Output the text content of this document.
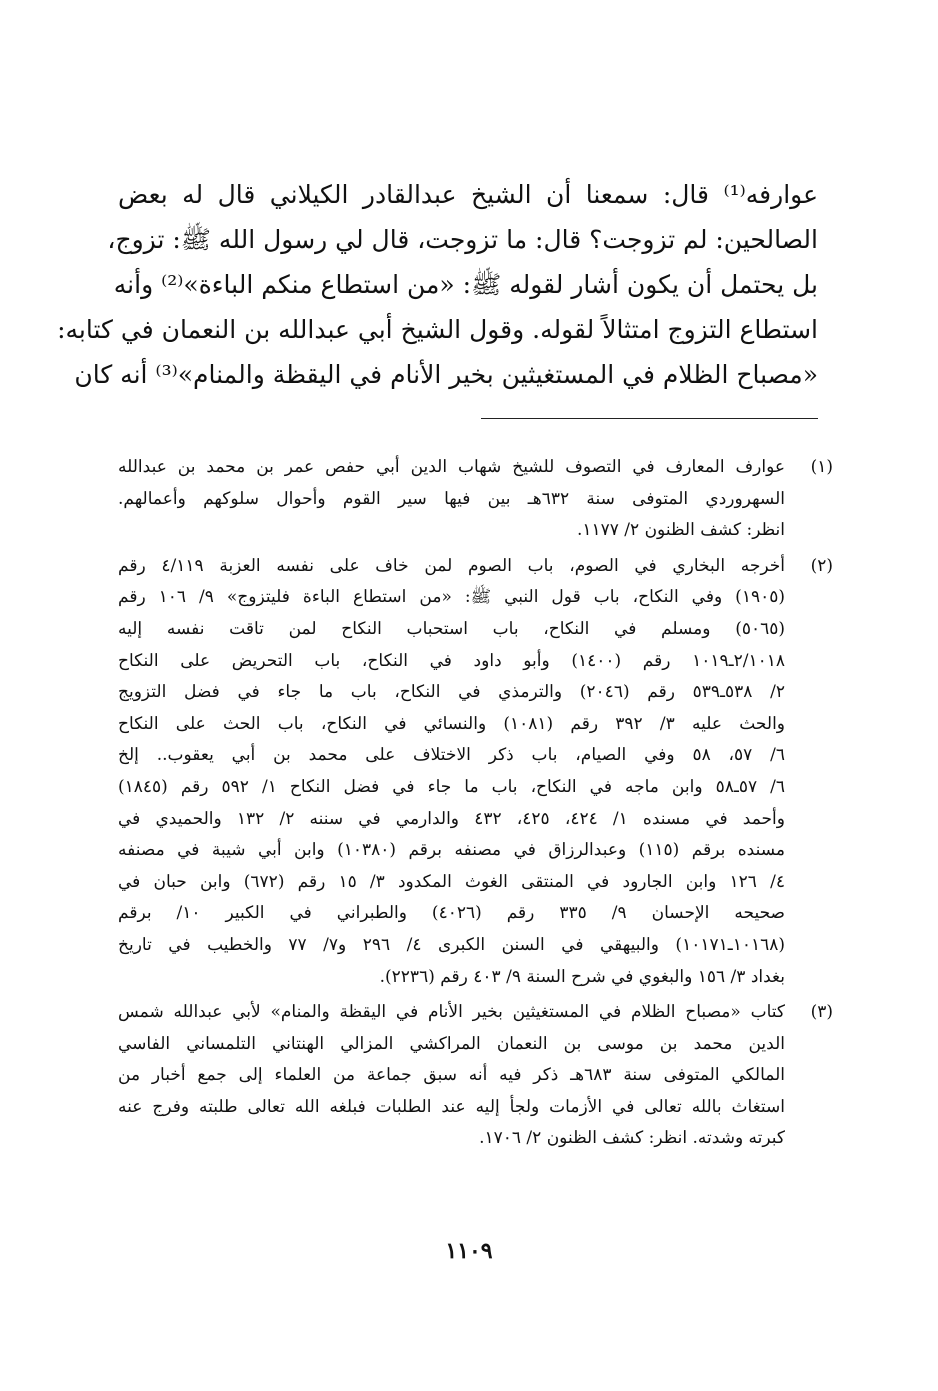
عوارفه⁽¹⁾ قال: سمعنا أن الشيخ عبدالقادر الكيلاني قال له بعض
الصالحين: لم تزوجت؟ قال: ما تزوجت، قال لي رسول الله ﷺ: تزوج،
بل يحتمل أن يكون أشار لقوله ﷺ: «من استطاع منكم الباءة»⁽²⁾ وأنه
استطاع التزوج امتثالاً لقوله. وقول الشيخ أبي عبدالله بن النعمان في كتابه:
«مصباح الظلام في المستغيثين بخير الأنام في اليقظة والمنام»⁽³⁾ أنه كان
(١)
عوارف المعارف في التصوف للشيخ شهاب الدين أبي حفص عمر بن محمد بن عبدالله
السهروردي المتوفى سنة ٦٣٢هـ بين فيها سير القوم وأحوال سلوكهم وأعمالهم.
انظر: كشف الظنون ٢/ ١١٧٧.
(٢)
أخرجه البخاري في الصوم، باب الصوم لمن خاف على نفسه العزبة ٤/١١٩ رقم
(١٩٠٥) وفي النكاح، باب قول النبي ﷺ: «من استطاع الباءة فليتزوج» ٩/ ١٠٦ رقم
(٥٠٦٥) ومسلم في النكاح، باب استحباب النكاح لمن تاقت نفسه إليه
٢/١٠١٨ـ١٠١٩ رقم (١٤٠٠) وأبو داود في النكاح، باب التحريض على النكاح
٢/ ٥٣٨ـ٥٣٩ رقم (٢٠٤٦) والترمذي في النكاح، باب ما جاء في فضل التزويج
والحث عليه ٣/ ٣٩٢ رقم (١٠٨١) والنسائي في النكاح، باب الحث على النكاح
٦/ ٥٧، ٥٨ وفي الصيام، باب ذكر الاختلاف على محمد بن أبي يعقوب.. إلخ
٦/ ٥٧ـ٥٨ وابن ماجه في النكاح، باب ما جاء في فضل النكاح ١/ ٥٩٢ رقم (١٨٤٥)
وأحمد في مسنده ١/ ٤٢٤، ٤٢٥، ٤٣٢ والدارمي في سننه ٢/ ١٣٢ والحميدي في
مسنده برقم (١١٥) وعبدالرزاق في مصنفه برقم (١٠٣٨٠) وابن أبي شيبة في مصنفه
٤/ ١٢٦ وابن الجارود في المنتقى الغوث المكدود ٣/ ١٥ رقم (٦٧٢) وابن حبان في
صحيحه الإحسان ٩/ ٣٣٥ رقم (٤٠٢٦) والطبراني في الكبير ١٠/ برقم
(١٠١٦٨ـ١٠١٧١) والبيهقي في السنن الكبرى ٤/ ٢٩٦ و٧/ ٧٧ والخطيب في تاريخ
بغداد ٣/ ١٥٦ والبغوي في شرح السنة ٩/ ٤٠٣ رقم (٢٢٣٦).
(٣)
كتاب «مصباح الظلام في المستغيثين بخير الأنام في اليقظة والمنام» لأبي عبدالله شمس
الدين محمد بن موسى بن النعمان المراكشي المزالي الهنتاني التلمساني الفاسي
المالكي المتوفى سنة ٦٨٣هـ ذكر فيه أنه سبق جماعة من العلماء إلى جمع أخبار من
استغاث بالله تعالى في الأزمات ولجأ إليه عند الطلبات فبلغه الله تعالى طلبته وفرج عنه
كبرته وشدته. انظر: كشف الظنون ٢/ ١٧٠٦.
١١٠٩
